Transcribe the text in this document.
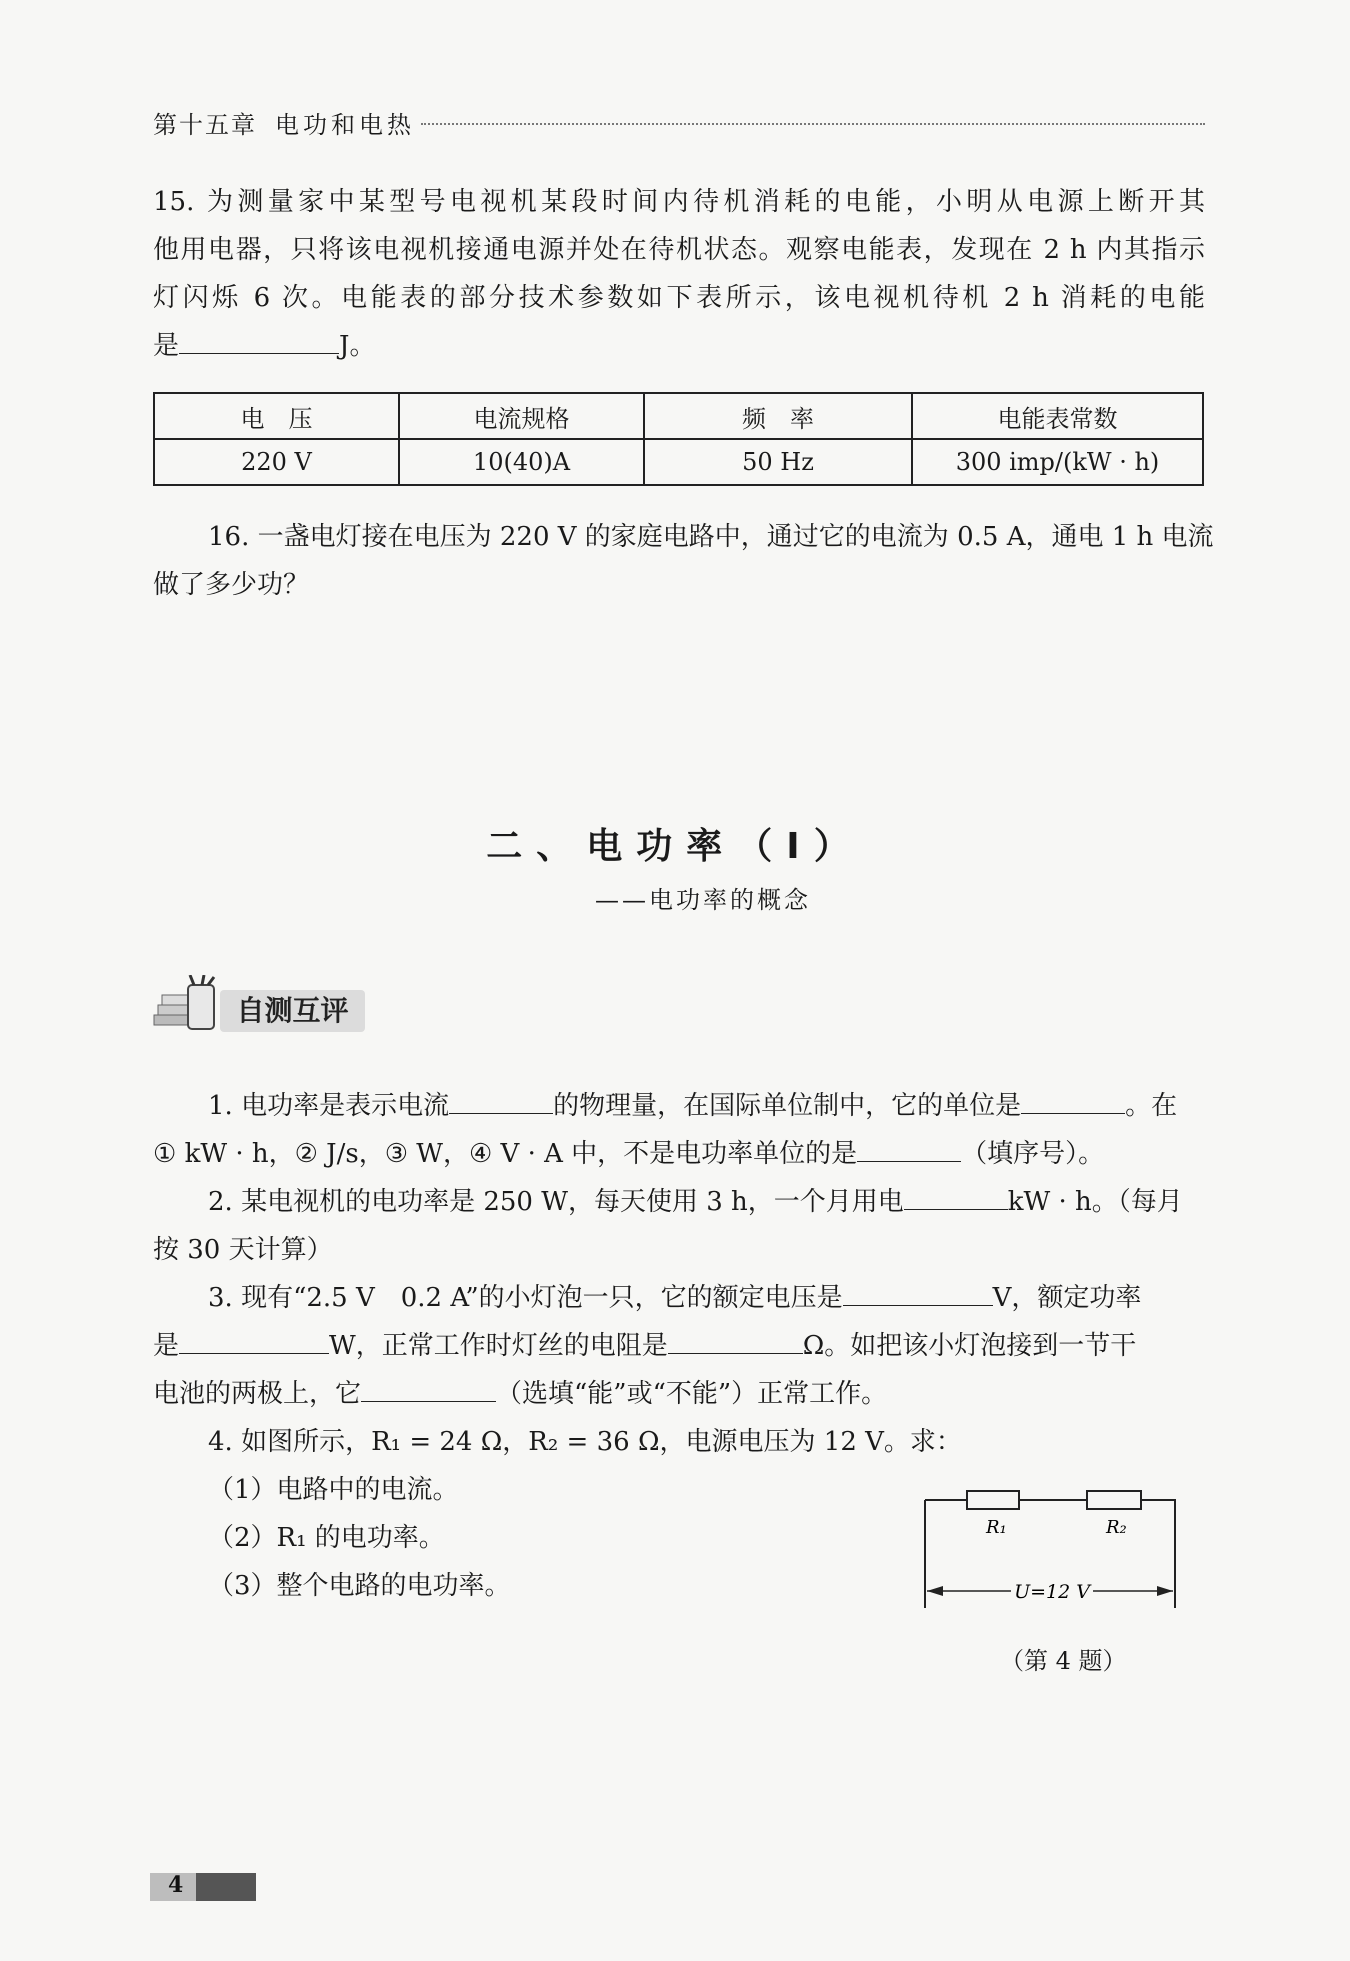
第十五章 电功和电热
15. 为测量家中某型号电视机某段时间内待机消耗的电能，小明从电源上断开其
他用电器，只将该电视机接通电源并处在待机状态。观察电能表，发现在 2 h 内其指示
灯闪烁 6 次。电能表的部分技术参数如下表所示，该电视机待机 2 h 消耗的电能
是	J。
电　压	电流规格	频　率	电能表常数
220 V	10(40)A	50 Hz	300 imp/(kW · h)
16. 一盏电灯接在电压为 220 V 的家庭电路中，通过它的电流为 0.5 A，通电 1 h 电流
做了多少功？
二、电功率（Ⅰ）
——电功率的概念
自测互评
1. 电功率是表示电流	的物理量，在国际单位制中，它的单位是	。在
① kW · h，② J/s，③ W，④ V · A 中，不是电功率单位的是	（填序号）。
2. 某电视机的电功率是 250 W，每天使用 3 h，一个月用电	kW · h。（每月
按 30 天计算）
3. 现有“2.5 V　0.2 A”的小灯泡一只，它的额定电压是	V，额定功率
是	W，正常工作时灯丝的电阻是	Ω。如把该小灯泡接到一节干
电池的两极上，它	（选填“能”或“不能”）正常工作。
4. 如图所示，R₁ = 24 Ω，R₂ = 36 Ω，电源电压为 12 V。求：
（1）电路中的电流。
（2）R₁ 的电功率。
（3）整个电路的电功率。
R₁	R₂
U=12 V
（第 4 题）
4
